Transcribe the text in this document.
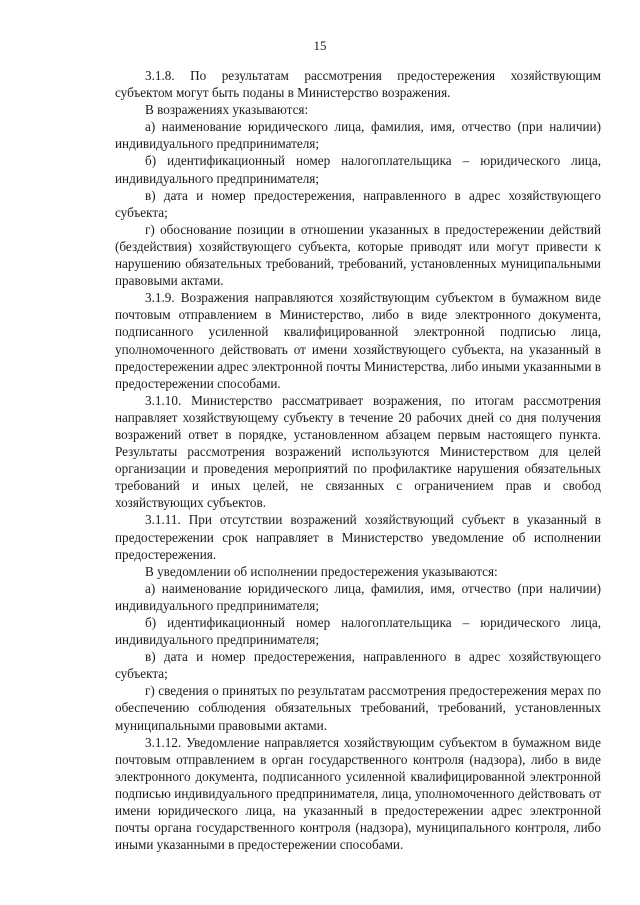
15

3.1.8. По результатам рассмотрения предостережения хозяйствующим субъектом могут быть поданы в Министерство возражения.

В возражениях указываются:

а) наименование юридического лица, фамилия, имя, отчество (при наличии) индивидуального предпринимателя;

б) идентификационный номер налогоплательщика – юридического лица, индивидуального предпринимателя;

в) дата и номер предостережения, направленного в адрес хозяйствующего субъекта;

г) обоснование позиции в отношении указанных в предостережении действий (бездействия) хозяйствующего субъекта, которые приводят или могут привести к нарушению обязательных требований, требований, установленных муниципальными правовыми актами.

3.1.9. Возражения направляются хозяйствующим субъектом в бумажном виде почтовым отправлением в Министерство, либо в виде электронного документа, подписанного усиленной квалифицированной электронной подписью лица, уполномоченного действовать от имени хозяйствующего субъекта, на указанный в предостережении адрес электронной почты Министерства, либо иными указанными в предостережении способами.

3.1.10. Министерство рассматривает возражения, по итогам рассмотрения направляет хозяйствующему субъекту в течение 20 рабочих дней со дня получения возражений ответ в порядке, установленном абзацем первым настоящего пункта. Результаты рассмотрения возражений используются Министерством для целей организации и проведения мероприятий по профилактике нарушения обязательных требований и иных целей, не связанных с ограничением прав и свобод хозяйствующих субъектов.

3.1.11. При отсутствии возражений хозяйствующий субъект в указанный в предостережении срок направляет в Министерство уведомление об исполнении предостережения.

В уведомлении об исполнении предостережения указываются:

а) наименование юридического лица, фамилия, имя, отчество (при наличии) индивидуального предпринимателя;

б) идентификационный номер налогоплательщика – юридического лица, индивидуального предпринимателя;

в) дата и номер предостережения, направленного в адрес хозяйствующего субъекта;

г) сведения о принятых по результатам рассмотрения предостережения мерах по обеспечению соблюдения обязательных требований, требований, установленных муниципальными правовыми актами.

3.1.12. Уведомление направляется хозяйствующим субъектом в бумажном виде почтовым отправлением в орган государственного контроля (надзора), либо в виде электронного документа, подписанного усиленной квалифицированной электронной подписью индивидуального предпринимателя, лица, уполномоченного действовать от имени юридического лица, на указанный в предостережении адрес электронной почты органа государственного контроля (надзора), муниципального контроля, либо иными указанными в предостережении способами.
